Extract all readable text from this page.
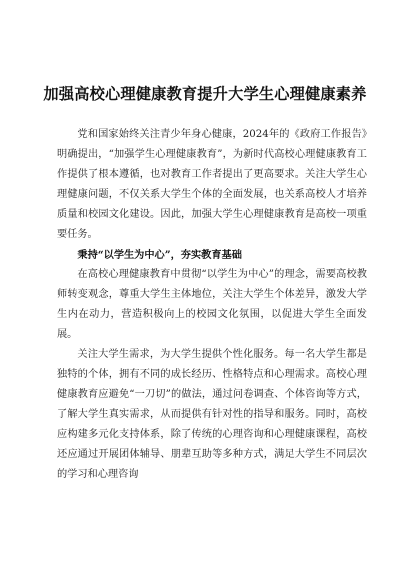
加强高校心理健康教育提升大学生心理健康素养

党和国家始终关注青少年身心健康，2024年的《政府工作报告》明确提出，“加强学生心理健康教育”，为新时代高校心理健康教育工作提供了根本遵循，也对教育工作者提出了更高要求。关注大学生心理健康问题，不仅关系大学生个体的全面发展，也关系高校人才培养质量和校园文化建设。因此，加强大学生心理健康教育是高校一项重要任务。

秉持“以学生为中心”，夯实教育基础

在高校心理健康教育中贯彻“以学生为中心”的理念，需要高校教师转变观念，尊重大学生主体地位，关注大学生个体差异，激发大学生内在动力，营造积极向上的校园文化氛围，以促进大学生全面发展。

关注大学生需求，为大学生提供个性化服务。每一名大学生都是独特的个体，拥有不同的成长经历、性格特点和心理需求。高校心理健康教育应避免“一刀切”的做法，通过问卷调查、个体咨询等方式，了解大学生真实需求，从而提供有针对性的指导和服务。同时，高校应构建多元化支持体系，除了传统的心理咨询和心理健康课程，高校还应通过开展团体辅导、朋辈互助等多种方式，满足大学生不同层次的学习和心理咨询
